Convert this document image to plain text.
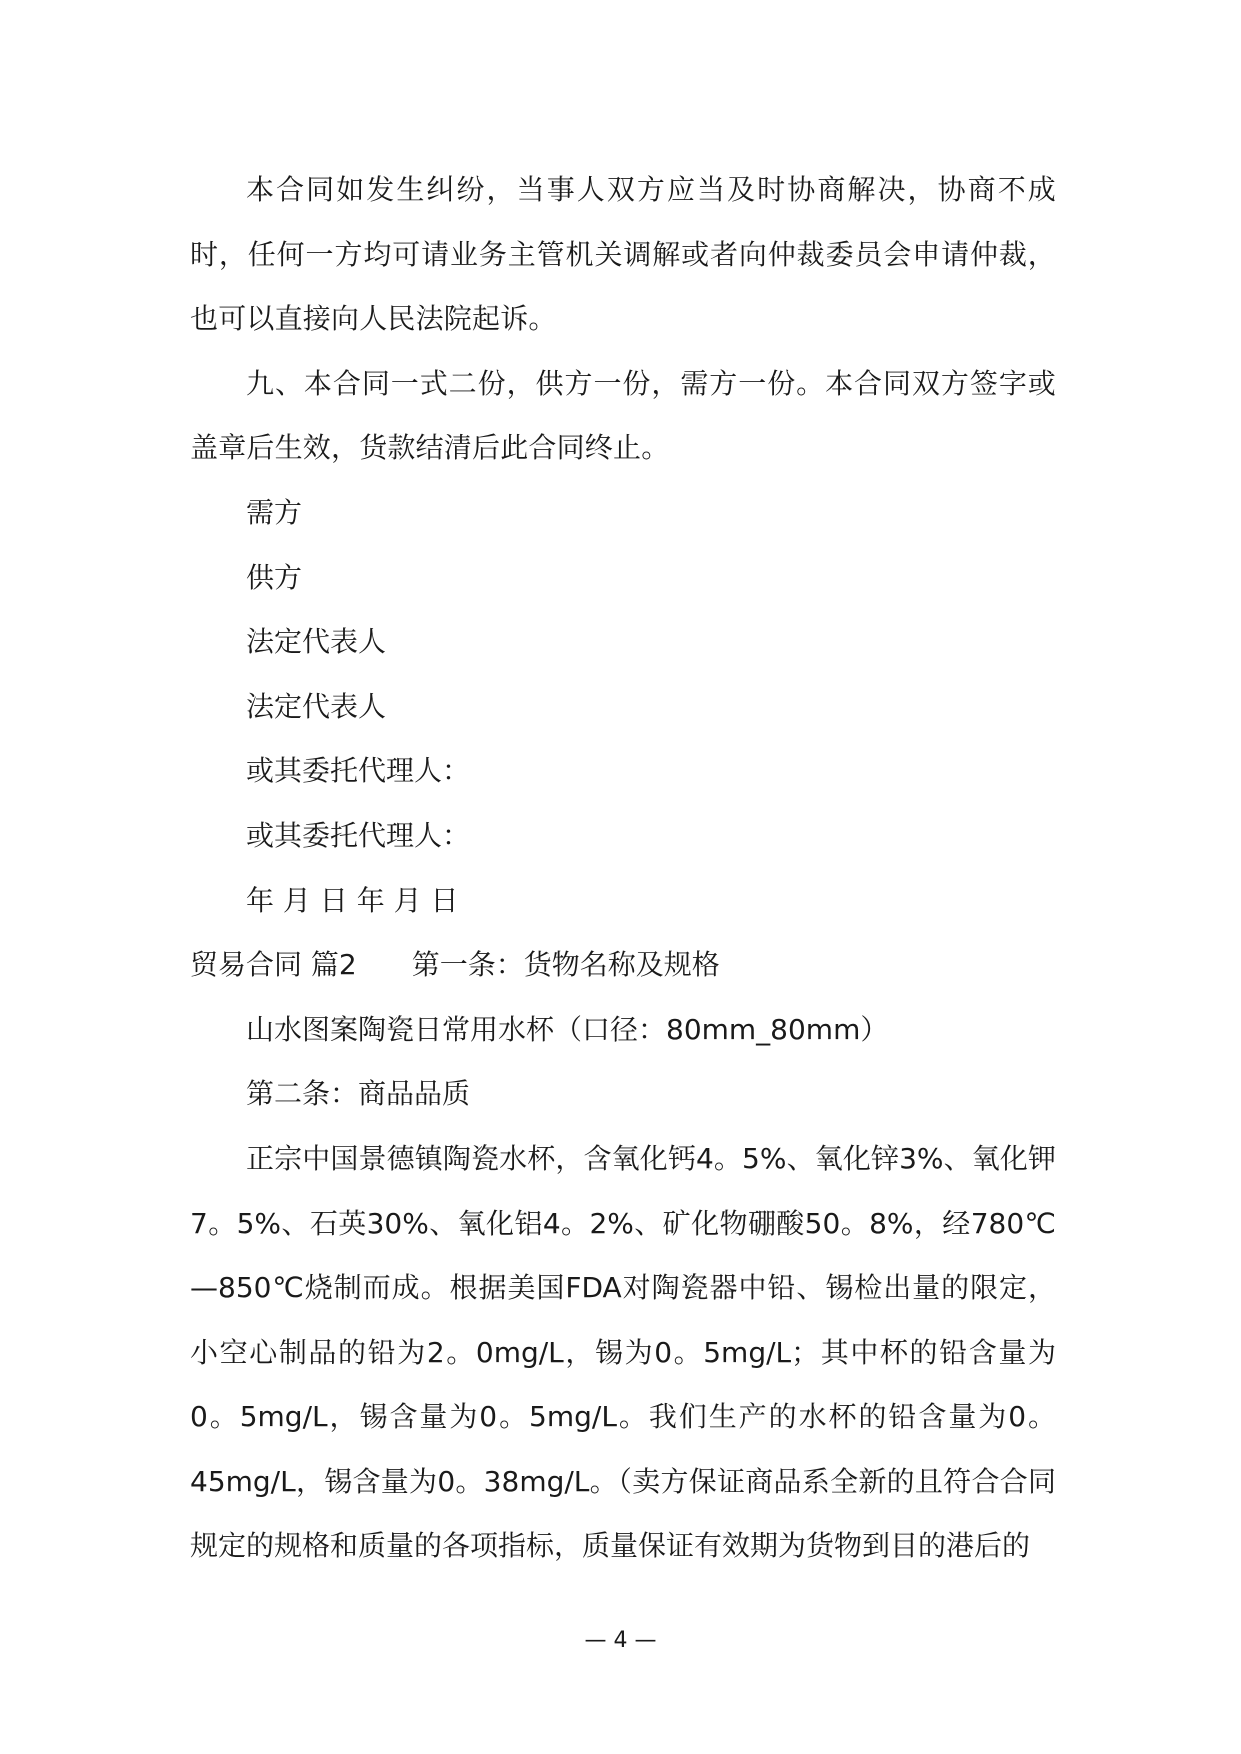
本合同如发生纠纷，当事人双方应当及时协商解决，协商不成时，任何一方均可请业务主管机关调解或者向仲裁委员会申请仲裁，也可以直接向人民法院起诉。

九、本合同一式二份，供方一份，需方一份。本合同双方签字或盖章后生效，货款结清后此合同终止。

需方

供方

法定代表人

法定代表人

或其委托代理人：

或其委托代理人：

年 月 日 年 月 日

贸易合同 篇2 第一条：货物名称及规格

山水图案陶瓷日常用水杯（口径：80mm_80mm）

第二条：商品品质

正宗中国景德镇陶瓷水杯，含氧化钙4。5%、氧化锌3%、氧化钾7。5%、石英30%、氧化铝4。2%、矿化物硼酸50。8%，经780℃—850℃烧制而成。根据美国FDA对陶瓷器中铅、锡检出量的限定，小空心制品的铅为2。0mg/L，锡为0。5mg/L；其中杯的铅含量为0。5mg/L，锡含量为0。5mg/L。我们生产的水杯的铅含量为0。45mg/L，锡含量为0。38mg/L。（卖方保证商品系全新的且符合合同规定的规格和质量的各项指标，质量保证有效期为货物到目的港后的

— 4 —
